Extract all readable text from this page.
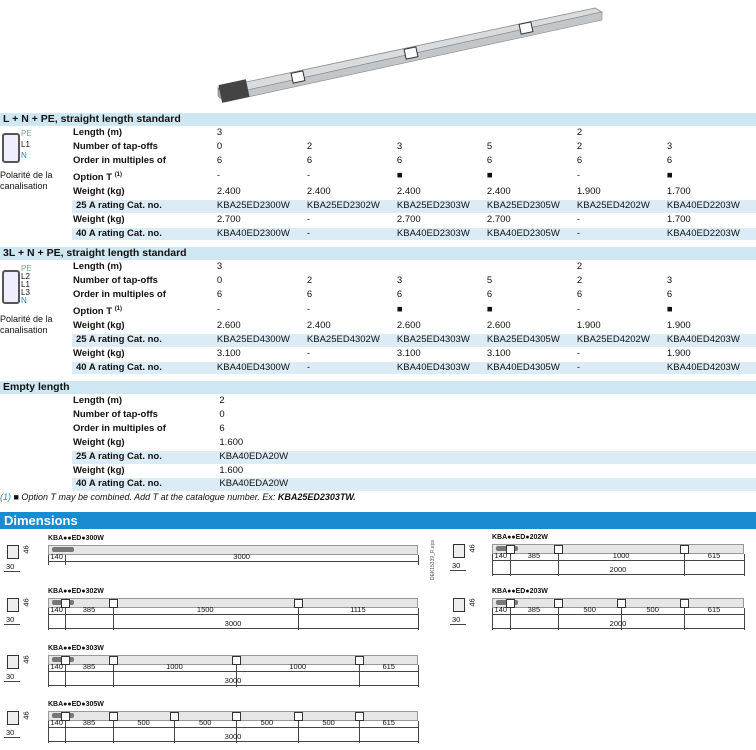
L + N + PE, straight length standard
PE
L1
N
Polarité de la canalisation
Length (m)	3				2	
Number of tap-offs	0	2	3	5	2	3
Order in multiples of	6	6	6	6	6	6
Option T $^{(1)}$	-	-	■	■	-	■
Weight (kg)	2.400	2.400	2.400	2.400	1.900	1.700
25 A rating Cat. no.	KBA25ED2300W	KBA25ED2302W	KBA25ED2303W	KBA25ED2305W	KBA25ED4202W	KBA40ED2203W
Weight (kg)	2.700	-	2.700	2.700	-	1.700
40 A rating Cat. no.	KBA40ED2300W	-	KBA40ED2303W	KBA40ED2305W	-	KBA40ED2203W
3L + N + PE, straight length standard
PE
L2
L1
L3
N
Polarité de la canalisation
Length (m)	3				2	
Number of tap-offs	0	2	3	5	2	3
Order in multiples of	6	6	6	6	6	6
Option T $^{(1)}$	-	-	■	■	-	■
Weight (kg)	2.600	2.400	2.600	2.600	1.900	1.900
25 A rating Cat. no.	KBA25ED4300W	KBA25ED4302W	KBA25ED4303W	KBA25ED4305W	KBA25ED4202W	KBA40ED4203W
Weight (kg)	3.100	-	3.100	3.100	-	1.900
40 A rating Cat. no.	KBA40ED4300W	-	KBA40ED4303W	KBA40ED4305W	-	KBA40ED4203W
Empty length
Length (m)	2	
Number of tap-offs	0	
Order in multiples of	6	
Weight (kg)	1.600	
25 A rating Cat. no.	KBA40EDA20W	
Weight (kg)	1.600	
40 A rating Cat. no.	KBA40EDA20W	
(1) ■ Option T may be combined. Add T at the catalogue number. Ex: KBA25ED2303TW.
Dimensions
DEK15339_R.eps
KBA●●ED●300W
46
30
140	3000
KBA●●ED●302W
46
30
140	385	1500	1115
3000
KBA●●ED●303W
46
30
140	385	1000	1000	615
3000
KBA●●ED●305W
46
30
140	385	500	500	500	500	615
3000
KBA●●ED●202W
46
30
140	385	1000	615
2000
KBA●●ED●203W
46
30
140	385	500	500	615
2000
